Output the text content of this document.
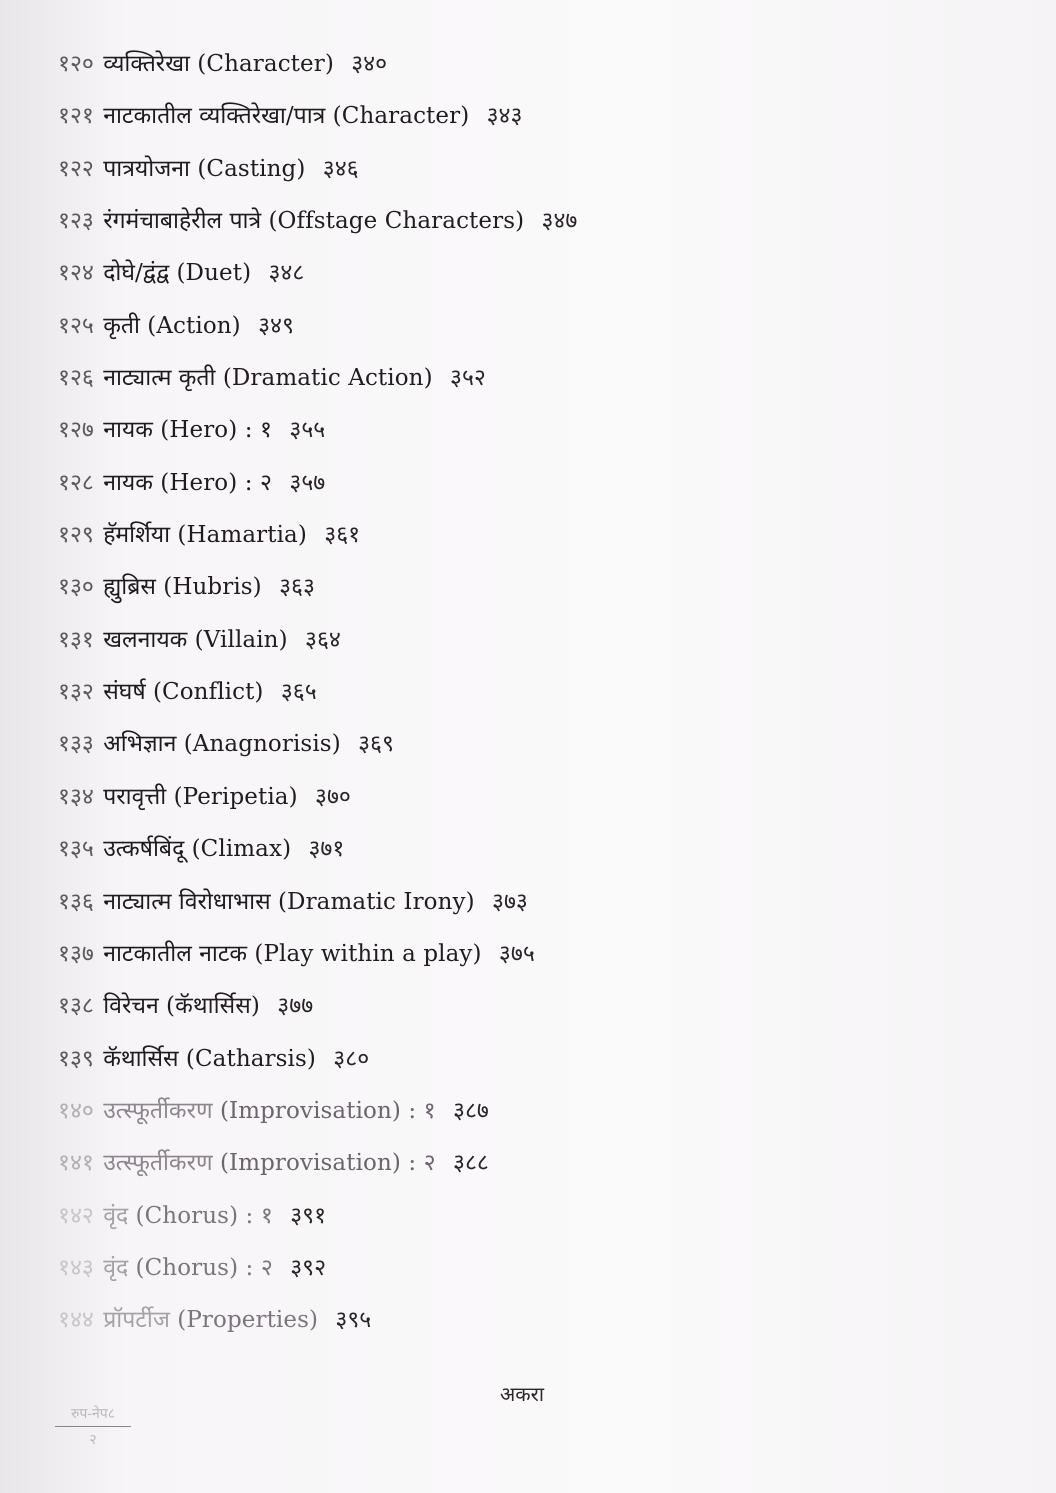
१२० व्यक्तिरेखा (Character) ३४०
१२१ नाटकातील व्यक्तिरेखा/पात्र (Character) ३४३
१२२ पात्रयोजना (Casting) ३४६
१२३ रंगमंचाबाहेरील पात्रे (Offstage Characters) ३४७
१२४ दोघे/द्वंद्व (Duet) ३४८
१२५ कृती (Action) ३४९
१२६ नाट्यात्म कृती (Dramatic Action) ३५२
१२७ नायक (Hero) : १ ३५५
१२८ नायक (Hero) : २ ३५७
१२९ हॅमर्शिया (Hamartia) ३६१
१३० ह्युब्रिस (Hubris) ३६३
१३१ खलनायक (Villain) ३६४
१३२ संघर्ष (Conflict) ३६५
१३३ अभिज्ञान (Anagnorisis) ३६९
१३४ परावृत्ती (Peripetia) ३७०
१३५ उत्कर्षबिंदू (Climax) ३७१
१३६ नाट्यात्म विरोधाभास (Dramatic Irony) ३७३
१३७ नाटकातील नाटक (Play within a play) ३७५
१३८ विरेचन (कॅथार्सिस) ३७७
१३९ कॅथार्सिस (Catharsis) ३८०
१४० उत्स्फूर्तीकरण (Improvisation) : १ ३८७
१४१ उत्स्फूर्तीकरण (Improvisation) : २ ३८८
१४२ वृंद (Chorus) : १ ३९१
१४३ वृंद (Chorus) : २ ३९२
१४४ प्रॉपर्टीज (Properties) ३९५
अकरा
रुप-नेप८
२
